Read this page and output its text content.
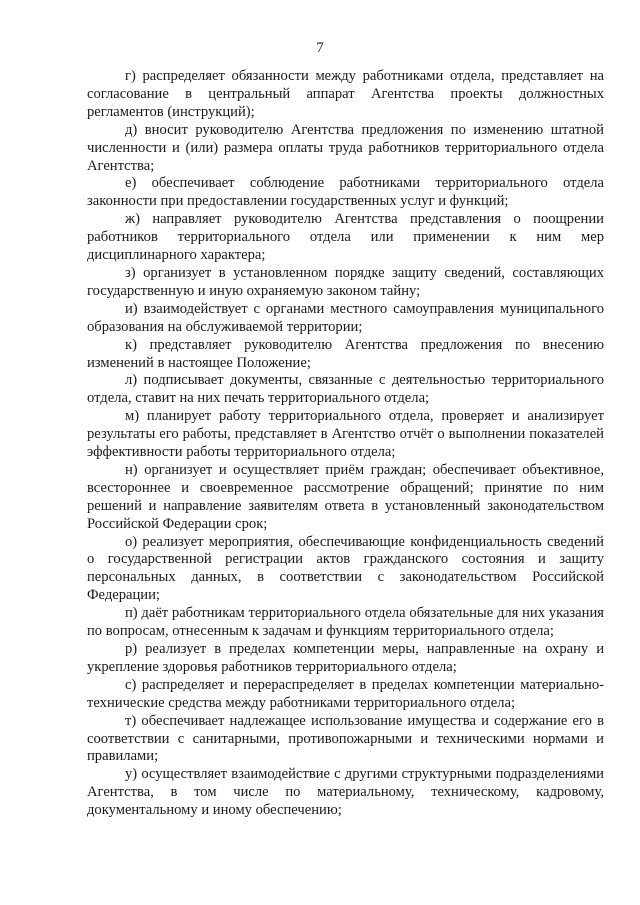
7

г) распределяет обязанности между работниками отдела, представляет на согласование в центральный аппарат Агентства проекты должностных регламентов (инструкций);

д) вносит руководителю Агентства предложения по изменению штатной численности и (или) размера оплаты труда работников территориального отдела Агентства;

е) обеспечивает соблюдение работниками территориального отдела законности при предоставлении государственных услуг и функций;

ж) направляет руководителю Агентства представления о поощрении работников территориального отдела или применении к ним мер дисциплинарного характера;

з) организует в установленном порядке защиту сведений, составляющих государственную и иную охраняемую законом тайну;

и) взаимодействует с органами местного самоуправления муниципального образования на обслуживаемой территории;

к) представляет руководителю Агентства предложения по внесению изменений в настоящее Положение;

л) подписывает документы, связанные с деятельностью территориального отдела, ставит на них печать территориального отдела;

м) планирует работу территориального отдела, проверяет и анализирует результаты его работы, представляет в Агентство отчёт о выполнении показателей эффективности работы территориального отдела;

н) организует и осуществляет приём граждан; обеспечивает объективное, всестороннее и своевременное рассмотрение обращений; принятие по ним решений и направление заявителям ответа в установленный законодательством Российской Федерации срок;

о) реализует мероприятия, обеспечивающие конфиденциальность сведений о государственной регистрации актов гражданского состояния и защиту персональных данных, в соответствии с законодательством Российской Федерации;

п) даёт работникам территориального отдела обязательные для них указания по вопросам, отнесенным к задачам и функциям территориального отдела;

р) реализует в пределах компетенции меры, направленные на охрану и укрепление здоровья работников территориального отдела;

с) распределяет и перераспределяет в пределах компетенции материально-технические средства между работниками территориального отдела;

т) обеспечивает надлежащее использование имущества и содержание его в соответствии с санитарными, противопожарными и техническими нормами и правилами;

у) осуществляет взаимодействие с другими структурными подразделениями Агентства, в том числе по материальному, техническому, кадровому, документальному и иному обеспечению;
